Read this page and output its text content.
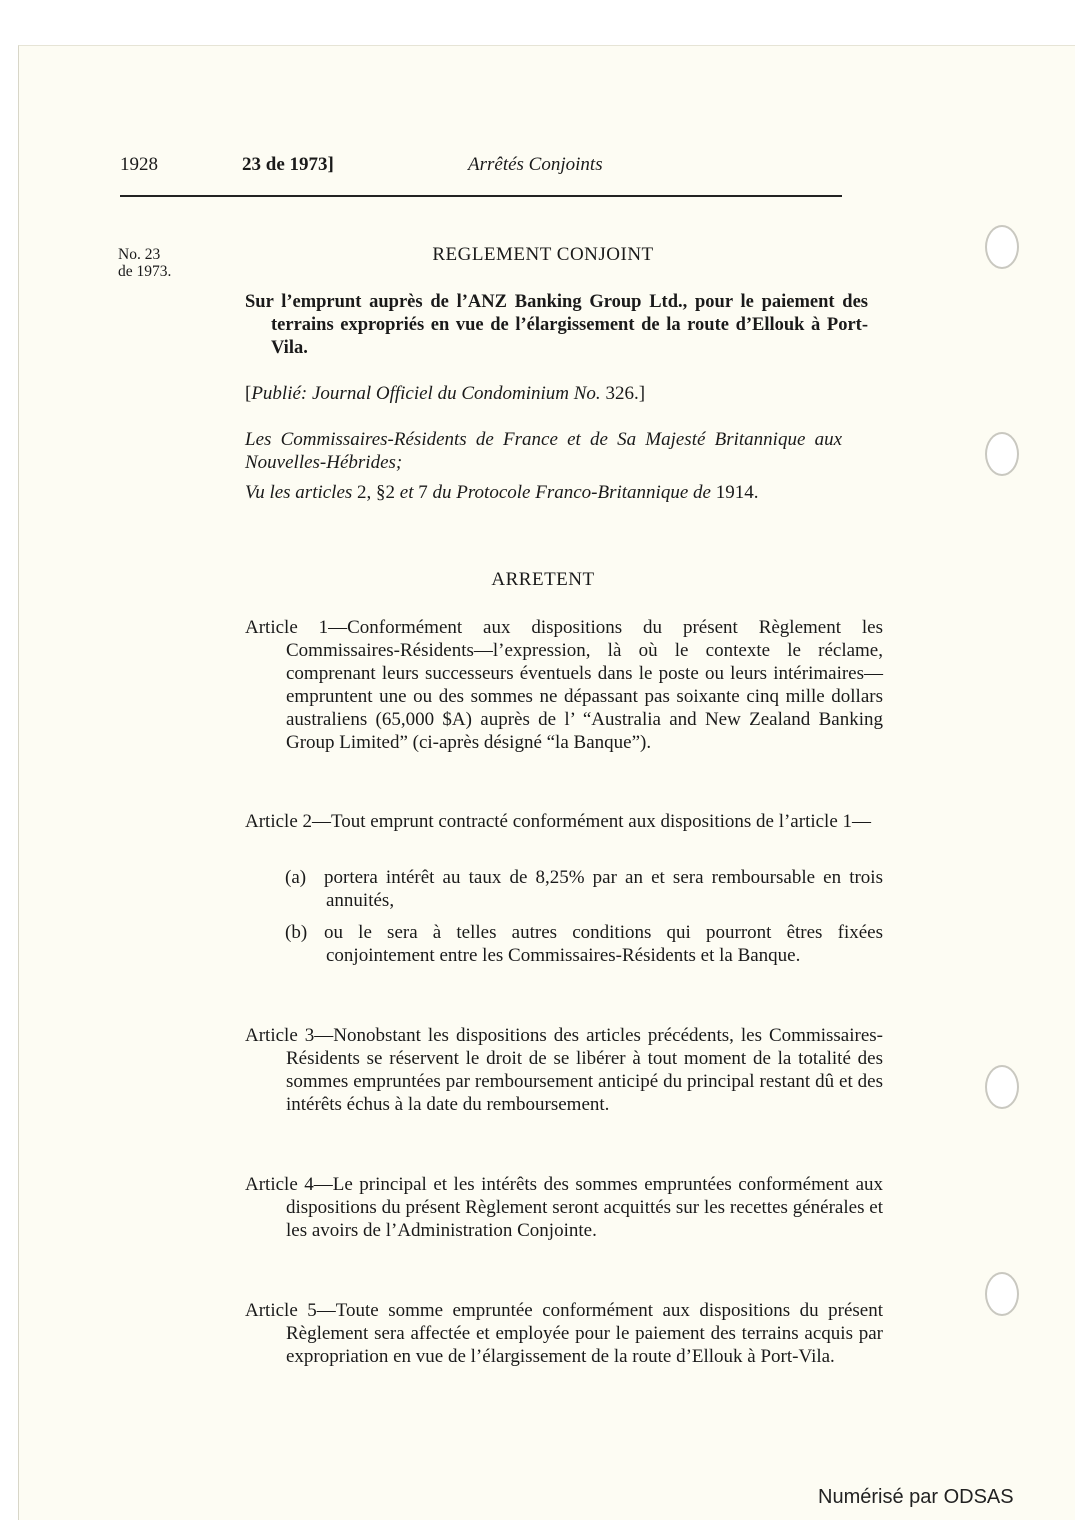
1928	23 de 1973]	Arrêtés Conjoints
No. 23
de 1973.
REGLEMENT CONJOINT
Sur l’emprunt auprès de l’ANZ Banking Group Ltd., pour le paiement des terrains expropriés en vue de l’élargissement de la route d’Ellouk à Port-Vila.
[Publié: Journal Officiel du Condominium No. 326.]
Les Commissaires-Résidents de France et de Sa Majesté Britannique aux Nouvelles-Hébrides;
Vu les articles 2, §2 et 7 du Protocole Franco-Britannique de 1914.
ARRETENT
Article 1—Conformément aux dispositions du présent Règlement les Commissaires-Résidents—l’expression, là où le contexte le réclame, comprenant leurs successeurs éventuels dans le poste ou leurs intérimaires—empruntent une ou des sommes ne dépassant pas soixante cinq mille dollars australiens (65,000 $A) auprès de l’ “Australia and New Zealand Banking Group Limited” (ci-après désigné “la Banque”).
Article 2—Tout emprunt contracté conformément aux dispositions de l’article 1—
(a) portera intérêt au taux de 8,25% par an et sera remboursable en trois annuités,
(b) ou le sera à telles autres conditions qui pourront êtres fixées conjointement entre les Commissaires-Résidents et la Banque.
Article 3—Nonobstant les dispositions des articles précédents, les Commissaires-Résidents se réservent le droit de se libérer à tout moment de la totalité des sommes empruntées par remboursement anticipé du principal restant dû et des intérêts échus à la date du remboursement.
Article 4—Le principal et les intérêts des sommes empruntées conformément aux dispositions du présent Règlement seront acquittés sur les recettes générales et les avoirs de l’Administration Conjointe.
Article 5—Toute somme empruntée conformément aux dispositions du présent Règlement sera affectée et employée pour le paiement des terrains acquis par expropriation en vue de l’élargissement de la route d’Ellouk à Port-Vila.
Numérisé par ODSAS
